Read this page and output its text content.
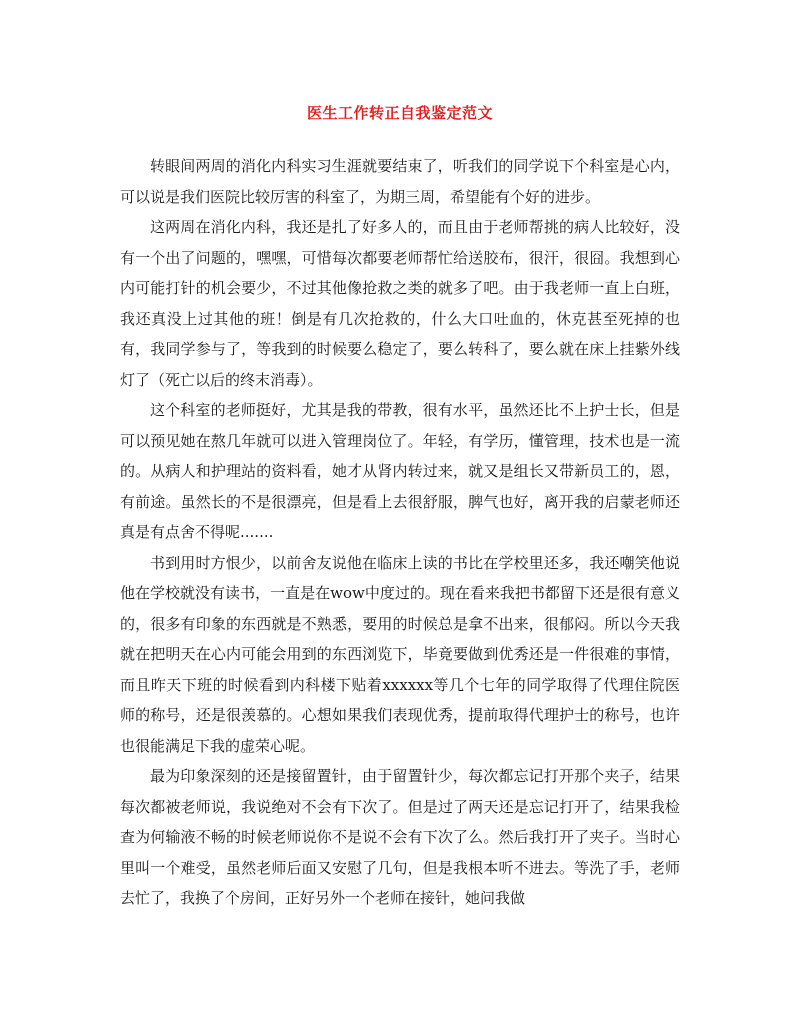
医生工作转正自我鉴定范文

转眼间两周的消化内科实习生涯就要结束了，听我们的同学说下个科室是心内，可以说是我们医院比较厉害的科室了，为期三周，希望能有个好的进步。

这两周在消化内科，我还是扎了好多人的，而且由于老师帮挑的病人比较好，没有一个出了问题的，嘿嘿，可惜每次都要老师帮忙给送胶布，很汗，很囧。我想到心内可能打针的机会要少，不过其他像抢救之类的就多了吧。由于我老师一直上白班，我还真没上过其他的班！倒是有几次抢救的，什么大口吐血的，休克甚至死掉的也有，我同学参与了，等我到的时候要么稳定了，要么转科了，要么就在床上挂紫外线灯了（死亡以后的终末消毒）。

这个科室的老师挺好，尤其是我的带教，很有水平，虽然还比不上护士长，但是可以预见她在熬几年就可以进入管理岗位了。年轻，有学历，懂管理，技术也是一流的。从病人和护理站的资料看，她才从肾内转过来，就又是组长又带新员工的，恩，有前途。虽然长的不是很漂亮，但是看上去很舒服，脾气也好，离开我的启蒙老师还真是有点舍不得呢.......

书到用时方恨少，以前舍友说他在临床上读的书比在学校里还多，我还嘲笑他说他在学校就没有读书，一直是在wow中度过的。现在看来我把书都留下还是很有意义的，很多有印象的东西就是不熟悉，要用的时候总是拿不出来，很郁闷。所以今天我就在把明天在心内可能会用到的东西浏览下，毕竟要做到优秀还是一件很难的事情，而且昨天下班的时候看到内科楼下贴着xxxxxx等几个七年的同学取得了代理住院医师的称号，还是很羡慕的。心想如果我们表现优秀，提前取得代理护士的称号，也许也很能满足下我的虚荣心呢。

最为印象深刻的还是接留置针，由于留置针少，每次都忘记打开那个夹子，结果每次都被老师说，我说绝对不会有下次了。但是过了两天还是忘记打开了，结果我检查为何输液不畅的时候老师说你不是说不会有下次了么。然后我打开了夹子。当时心里叫一个难受，虽然老师后面又安慰了几句，但是我根本听不进去。等洗了手，老师去忙了，我换了个房间，正好另外一个老师在接针，她问我做
